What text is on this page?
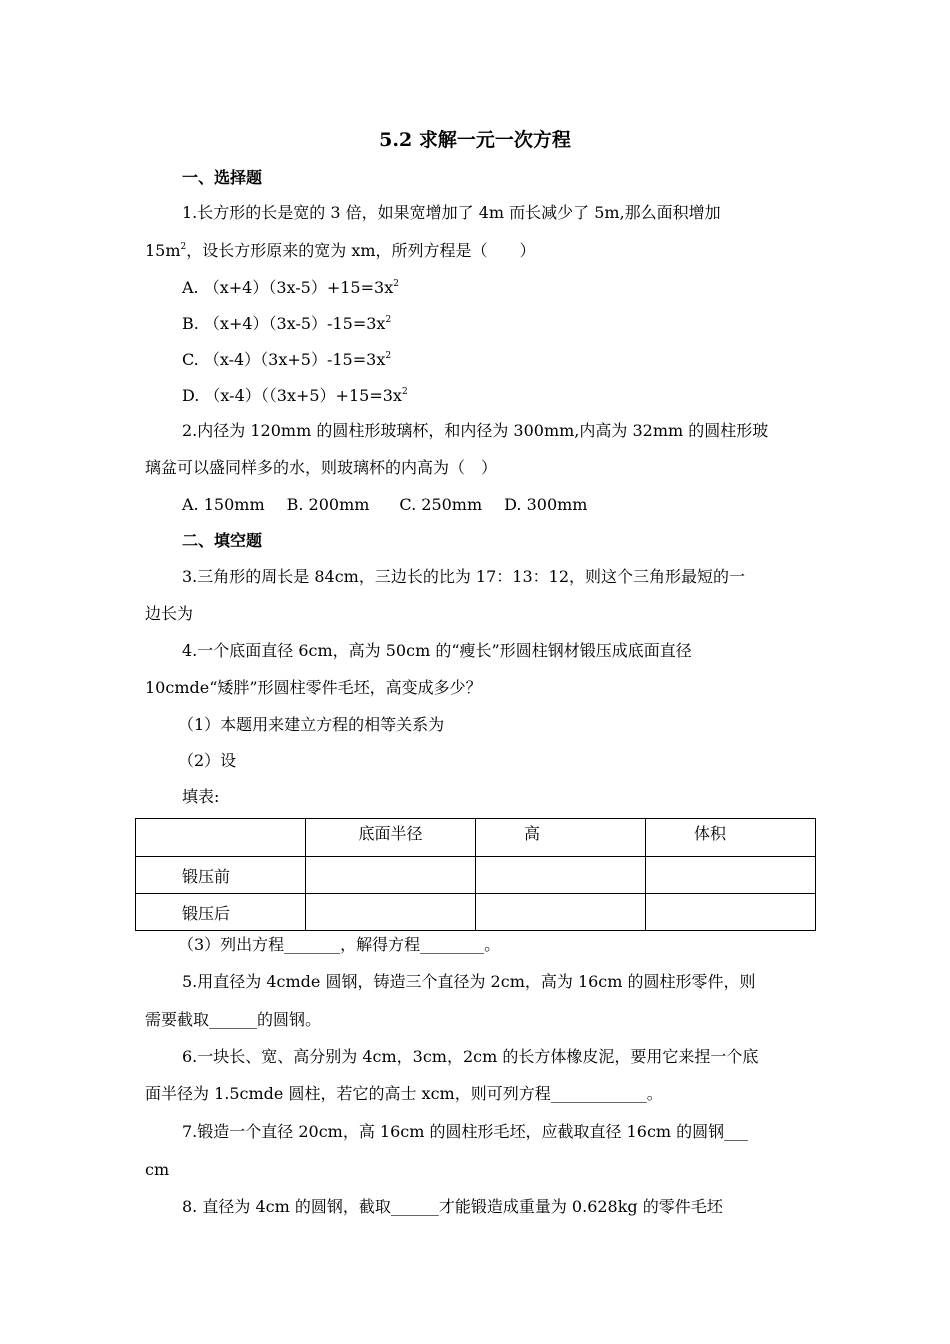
5.2 求解一元一次方程
一、选择题
1.长方形的长是宽的 3 倍，如果宽增加了 4m 而长减少了 5m,那么面积增加
$15m^2$，设长方形原来的宽为 xm，所列方程是（　　）
A. $(x+4)(3x-5)+15=3x^2$
B. $(x+4)(3x-5)-15=3x^2$
C. $(x-4)(3x+5)-15=3x^2$
D. $(x-4)((3x+5)+15=3x^2$
2.内径为 120mm 的圆柱形玻璃杯，和内径为 300mm,内高为 32mm 的圆柱形玻
璃盆可以盛同样多的水，则玻璃杯的内高为（　）
A. 150mm B. 200mm C. 250mm D. 300mm
二、填空题
3.三角形的周长是 84cm，三边长的比为 17：13：12，则这个三角形最短的一
边长为
4.一个底面直径 6cm，高为 50cm 的“瘦长”形圆柱钢材锻压成底面直径
10cmde“矮胖”形圆柱零件毛坯，高变成多少？
（1）本题用来建立方程的相等关系为
（2）设
填表:
	底面半径	高	体积
锻压前			
锻压后			
（3）列出方程_______，解得方程________。
5.用直径为 4cmde 圆钢，铸造三个直径为 2cm，高为 16cm 的圆柱形零件，则
需要截取______的圆钢。
6.一块长、宽、高分别为 4cm，3cm，2cm 的长方体橡皮泥，要用它来捏一个底
面半径为 1.5cmde 圆柱，若它的高士 xcm，则可列方程____________。
7.锻造一个直径 20cm，高 16cm 的圆柱形毛坯，应截取直径 16cm 的圆钢___
cm
8. 直径为 4cm 的圆钢，截取______才能锻造成重量为 0.628kg 的零件毛坯
